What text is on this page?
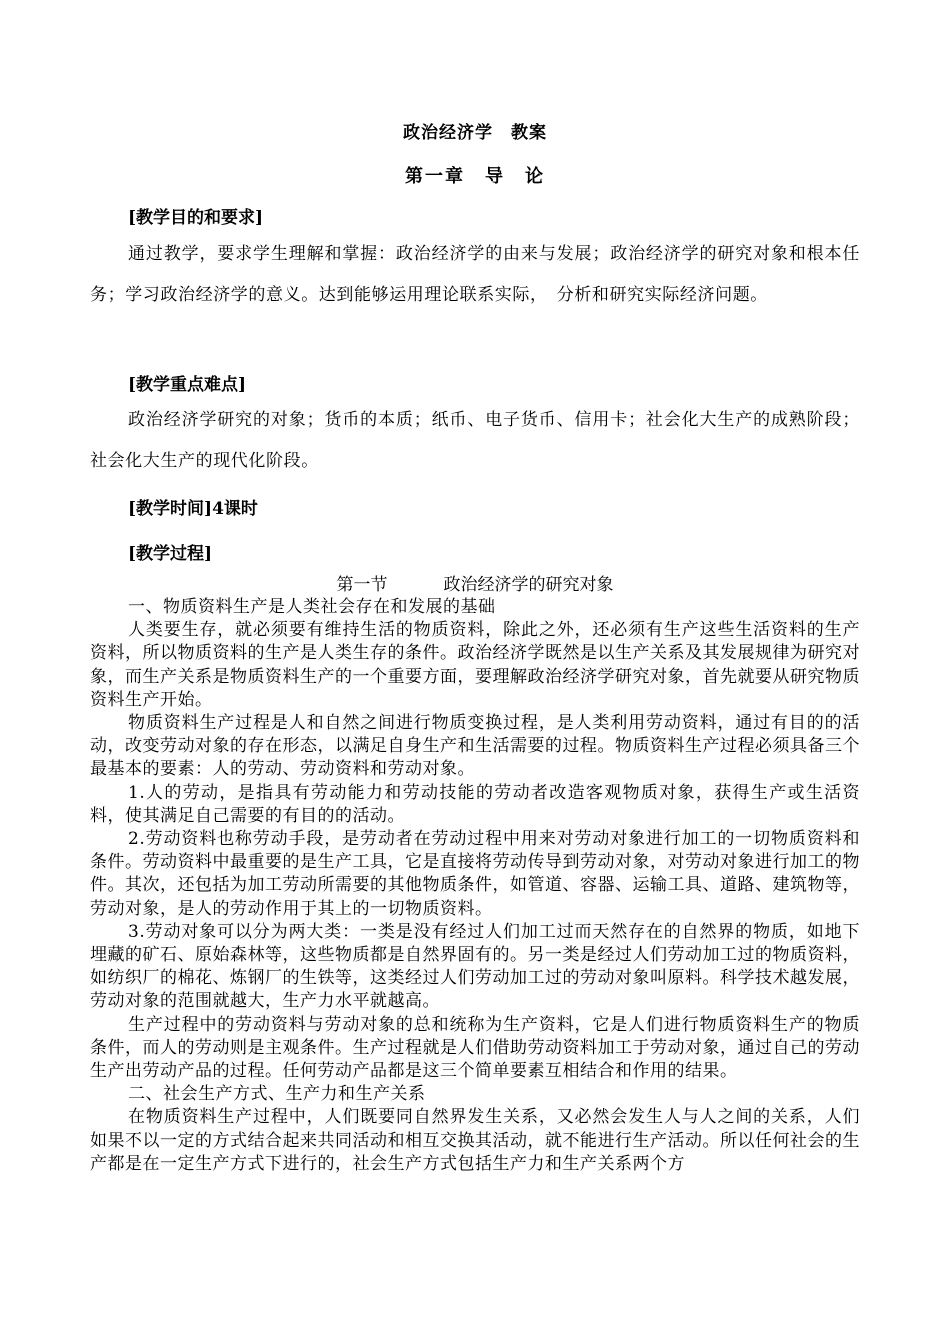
政治经济学　教案
第一章　导　论
[教学目的和要求]
通过教学，要求学生理解和掌握：政治经济学的由来与发展；政治经济学的研究对象和根本任务；学习政治经济学的意义。达到能够运用理论联系实际，　分析和研究实际经济问题。
[教学重点难点]
政治经济学研究的对象；货币的本质；纸币、电子货币、信用卡；社会化大生产的成熟阶段；社会化大生产的现代化阶段。
[教学时间]4课时
[教学过程]
第一节	政治经济学的研究对象

一、物质资料生产是人类社会存在和发展的基础

人类要生存，就必须要有维持生活的物质资料，除此之外，还必须有生产这些生活资料的生产资料，所以物质资料的生产是人类生存的条件。政治经济学既然是以生产关系及其发展规律为研究对象，而生产关系是物质资料生产的一个重要方面，要理解政治经济学研究对象，首先就要从研究物质资料生产开始。

物质资料生产过程是人和自然之间进行物质变换过程，是人类利用劳动资料，通过有目的的活动，改变劳动对象的存在形态，以满足自身生产和生活需要的过程。物质资料生产过程必须具备三个最基本的要素：人的劳动、劳动资料和劳动对象。

1.人的劳动，是指具有劳动能力和劳动技能的劳动者改造客观物质对象，获得生产或生活资料，使其满足自己需要的有目的的活动。

2.劳动资料也称劳动手段，是劳动者在劳动过程中用来对劳动对象进行加工的一切物质资料和条件。劳动资料中最重要的是生产工具，它是直接将劳动传导到劳动对象，对劳动对象进行加工的物件。其次，还包括为加工劳动所需要的其他物质条件，如管道、容器、运输工具、道路、建筑物等，劳动对象，是人的劳动作用于其上的一切物质资料。

3.劳动对象可以分为两大类：一类是没有经过人们加工过而天然存在的自然界的物质，如地下埋藏的矿石、原始森林等，这些物质都是自然界固有的。另一类是经过人们劳动加工过的物质资料，如纺织厂的棉花、炼钢厂的生铁等，这类经过人们劳动加工过的劳动对象叫原料。科学技术越发展，劳动对象的范围就越大，生产力水平就越高。

生产过程中的劳动资料与劳动对象的总和统称为生产资料，它是人们进行物质资料生产的物质条件，而人的劳动则是主观条件。生产过程就是人们借助劳动资料加工于劳动对象，通过自己的劳动生产出劳动产品的过程。任何劳动产品都是这三个简单要素互相结合和作用的结果。

二、社会生产方式、生产力和生产关系

在物质资料生产过程中，人们既要同自然界发生关系，又必然会发生人与人之间的关系，人们如果不以一定的方式结合起来共同活动和相互交换其活动，就不能进行生产活动。所以任何社会的生产都是在一定生产方式下进行的，社会生产方式包括生产力和生产关系两个方
